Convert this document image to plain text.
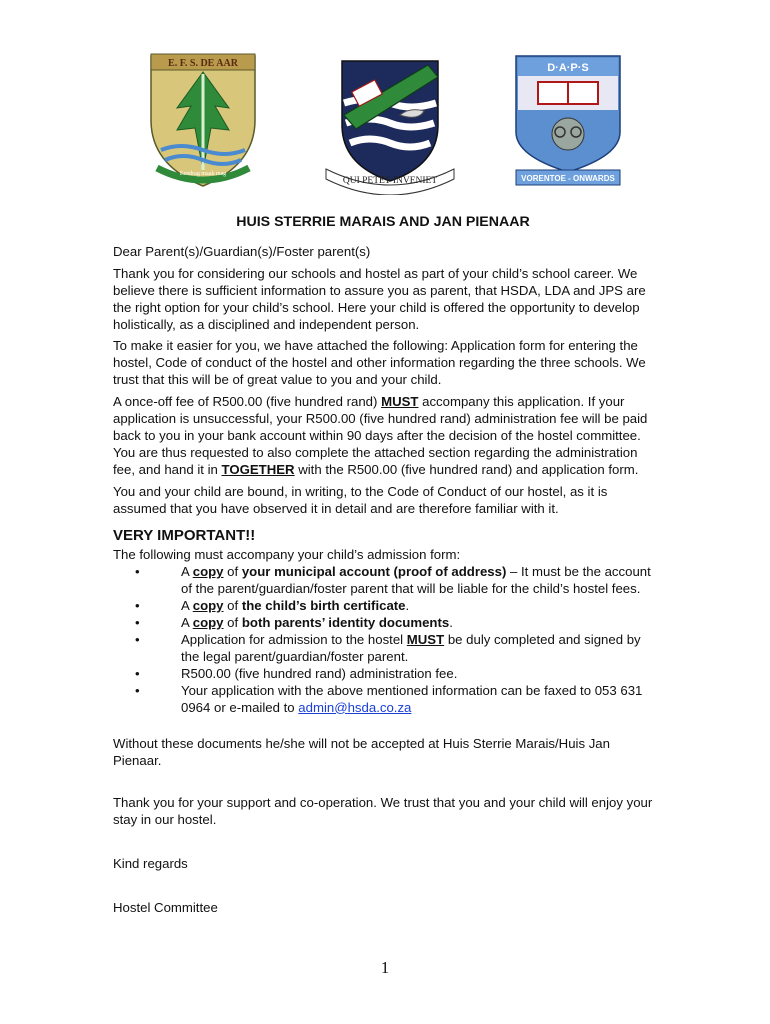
E. F. S. DE AAR
Eendrag maak mag
QUI PETET INVENIET
D·A·P·S
VORENTOE - ONWARDS
HUIS STERRIE MARAIS AND JAN PIENAAR

Dear Parent(s)/Guardian(s)/Foster parent(s)

Thank you for considering our schools and hostel as part of your child’s school career. We believe there is sufficient information to assure you as parent, that HSDA, LDA and JPS are the right option for your child’s school. Here your child is offered the opportunity to develop holistically, as a disciplined and independent person.

To make it easier for you, we have attached the following: Application form for entering the hostel, Code of conduct of the hostel and other information regarding the three schools. We trust that this will be of great value to you and your child.

A once-off fee of R500.00 (five hundred rand) MUST accompany this application. If your application is unsuccessful, your R500.00 (five hundred rand) administration fee will be paid back to you in your bank account within 90 days after the decision of the hostel committee. You are thus requested to also complete the attached section regarding the administration fee, and hand it in TOGETHER with the R500.00 (five hundred rand) and application form.

You and your child are bound, in writing, to the Code of Conduct of our hostel, as it is assumed that you have observed it in detail and are therefore familiar with it.

VERY IMPORTANT!!
The following must accompany your child’s admission form:
•	A copy of your municipal account (proof of address) – It must be the account of the parent/guardian/foster parent that will be liable for the child’s hostel fees.
•	A copy of the child’s birth certificate.
•	A copy of both parents’ identity documents.
•	Application for admission to the hostel MUST be duly completed and signed by the legal parent/guardian/foster parent.
•	R500.00 (five hundred rand) administration fee.
•	Your application with the above mentioned information can be faxed to 053 631 0964 or e-mailed to admin@hsda.co.za

Without these documents he/she will not be accepted at Huis Sterrie Marais/Huis Jan Pienaar.

Thank you for your support and co-operation. We trust that you and your child will enjoy your stay in our hostel.

Kind regards

Hostel Committee

1
